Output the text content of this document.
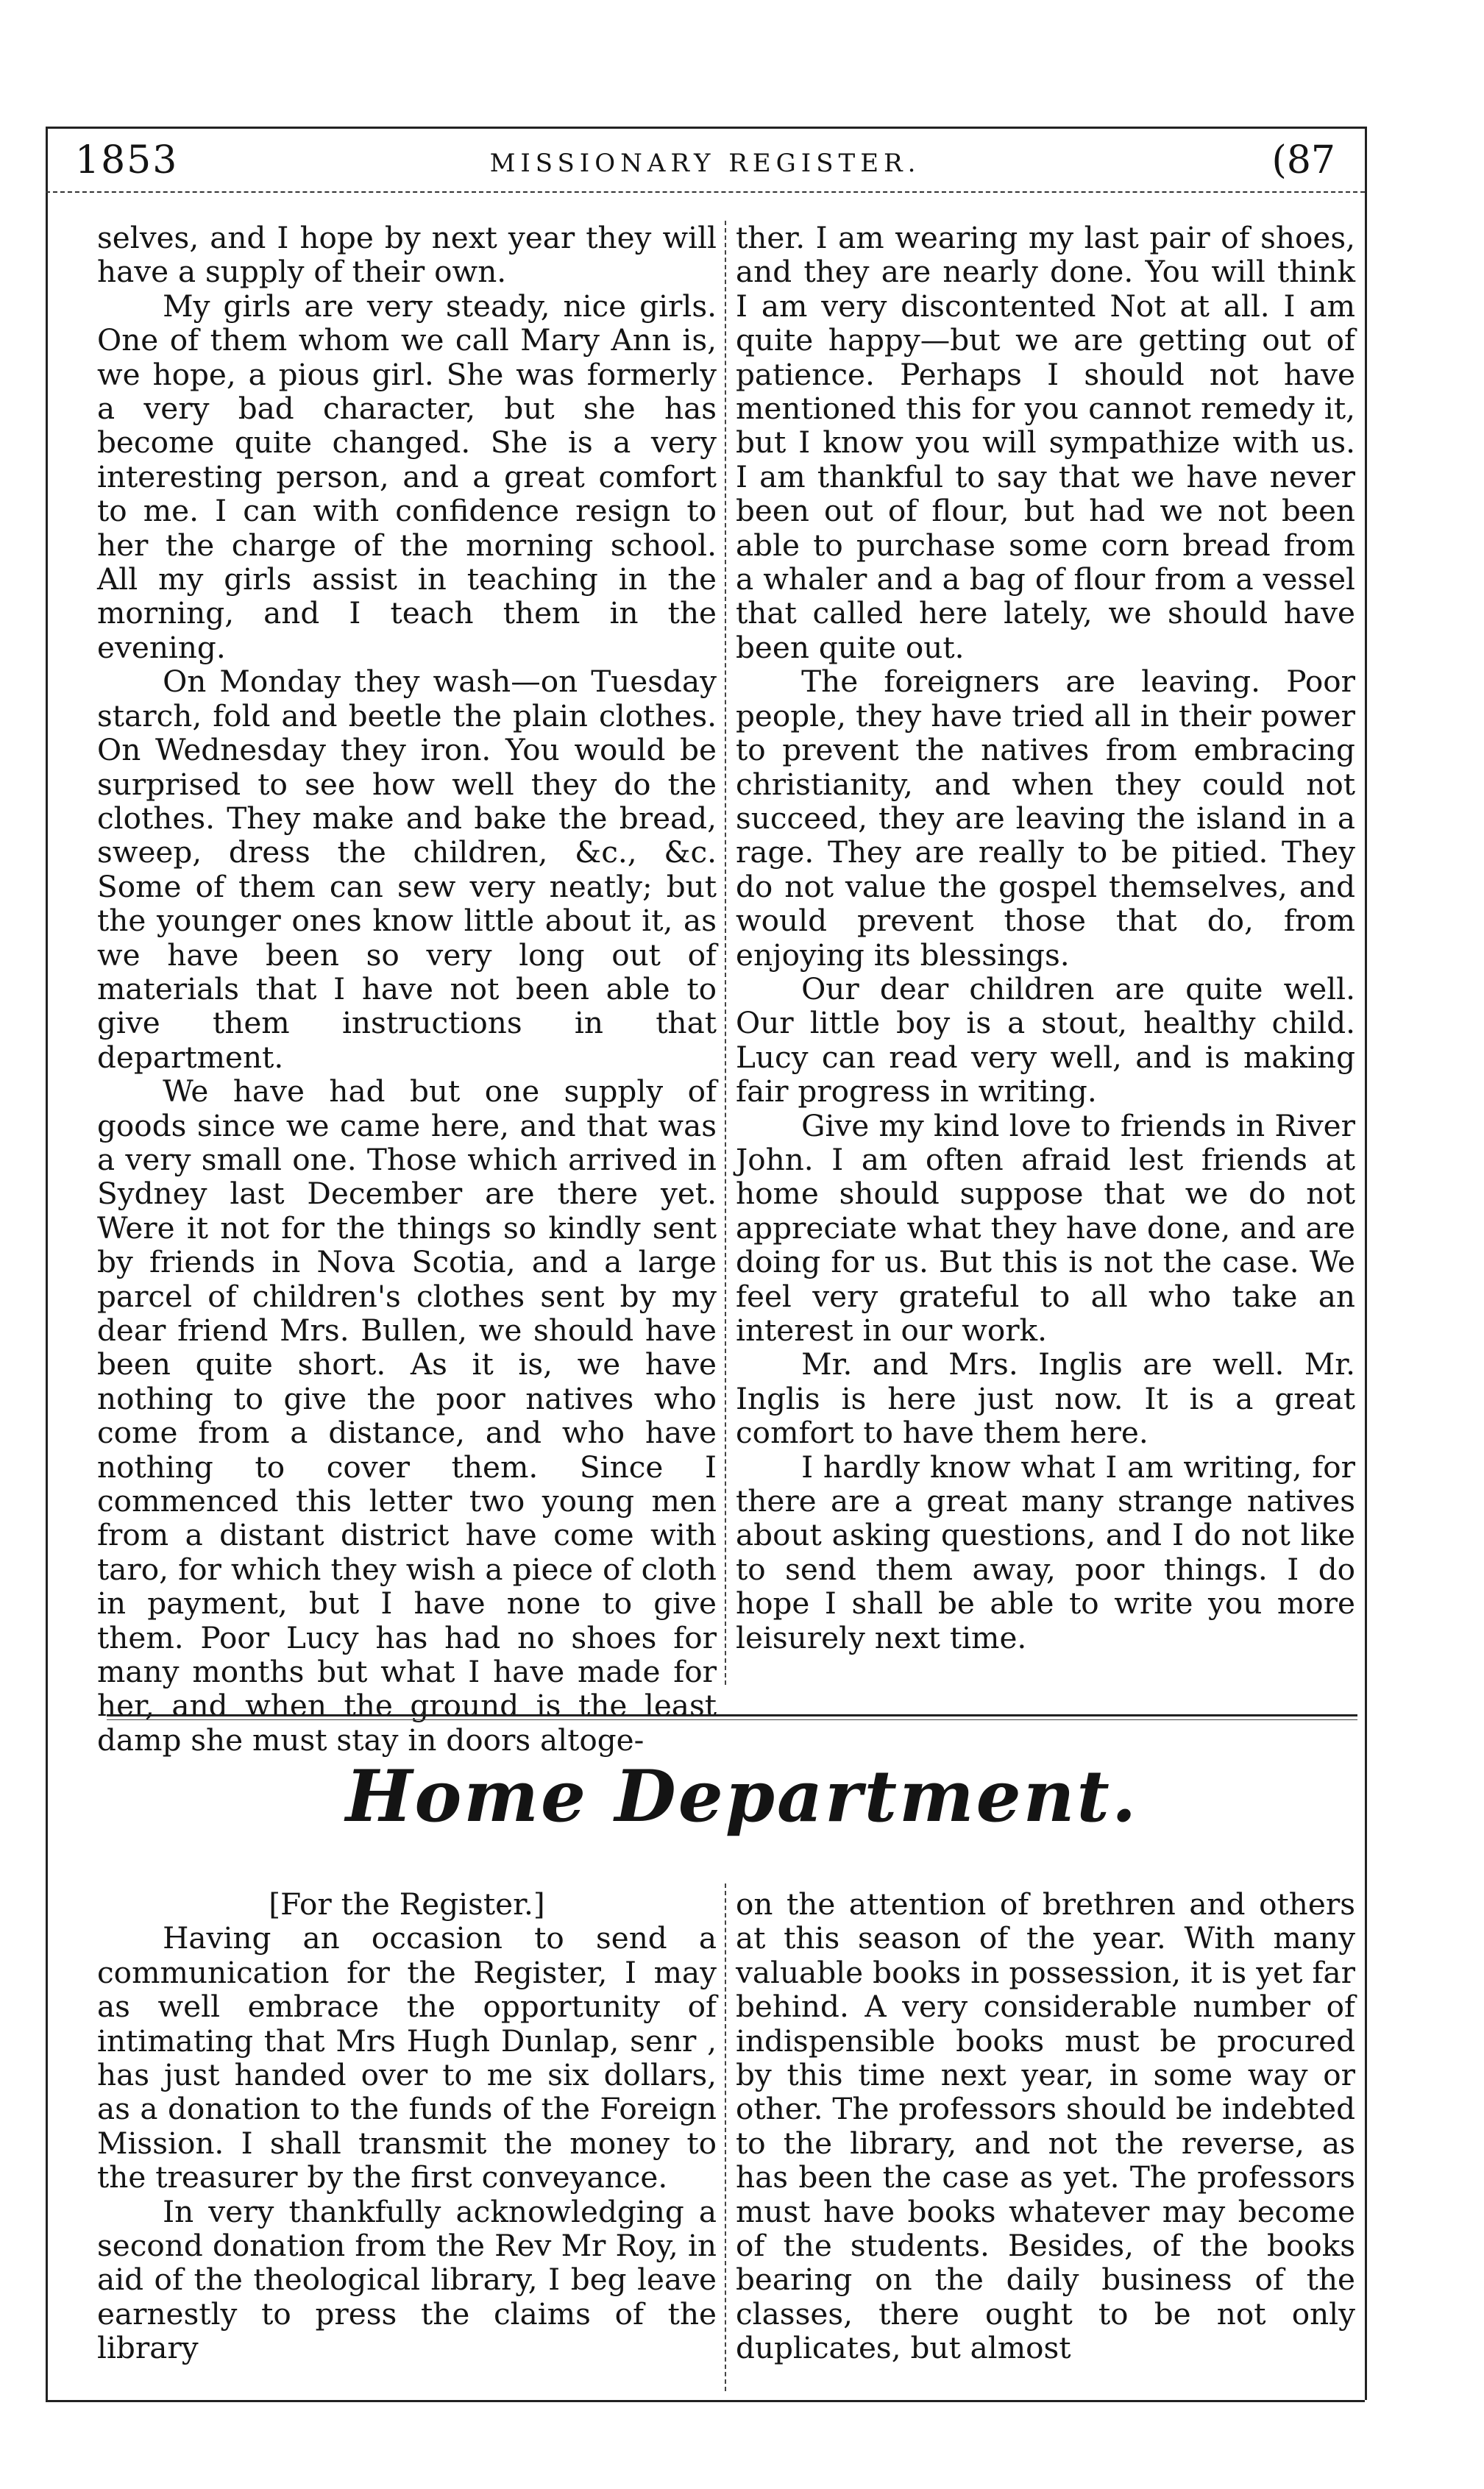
1853	MISSIONARY REGISTER.	(87

selves, and I hope by next year they will have a supply of their own.

My girls are very steady, nice girls. One of them whom we call Mary Ann is, we hope, a pious girl. She was formerly a very bad character, but she has become quite changed. She is a very interesting person, and a great comfort to me. I can with confidence resign to her the charge of the morning school. All my girls assist in teaching in the morning, and I teach them in the evening.

On Monday they wash—on Tuesday starch, fold and beetle the plain clothes. On Wednesday they iron. You would be surprised to see how well they do the clothes. They make and bake the bread, sweep, dress the children, &c., &c. Some of them can sew very neatly; but the younger ones know little about it, as we have been so very long out of materials that I have not been able to give them instructions in that department.

We have had but one supply of goods since we came here, and that was a very small one. Those which arrived in Sydney last December are there yet. Were it not for the things so kindly sent by friends in Nova Scotia, and a large parcel of children's clothes sent by my dear friend Mrs. Bullen, we should have been quite short. As it is, we have nothing to give the poor natives who come from a distance, and who have nothing to cover them. Since I commenced this letter two young men from a distant district have come with taro, for which they wish a piece of cloth in payment, but I have none to give them. Poor Lucy has had no shoes for many months but what I have made for her, and when the ground is the least damp she must stay in doors altoge-

ther. I am wearing my last pair of shoes, and they are nearly done. You will think I am very discontented Not at all. I am quite happy—but we are getting out of patience. Perhaps I should not have mentioned this for you cannot remedy it, but I know you will sympathize with us. I am thankful to say that we have never been out of flour, but had we not been able to purchase some corn bread from a whaler and a bag of flour from a vessel that called here lately, we should have been quite out.

The foreigners are leaving. Poor people, they have tried all in their power to prevent the natives from embracing christianity, and when they could not succeed, they are leaving the island in a rage. They are really to be pitied. They do not value the gospel themselves, and would prevent those that do, from enjoying its blessings.

Our dear children are quite well. Our little boy is a stout, healthy child. Lucy can read very well, and is making fair progress in writing.

Give my kind love to friends in River John. I am often afraid lest friends at home should suppose that we do not appreciate what they have done, and are doing for us. But this is not the case. We feel very grateful to all who take an interest in our work.

Mr. and Mrs. Inglis are well. Mr. Inglis is here just now. It is a great comfort to have them here.

I hardly know what I am writing, for there are a great many strange natives about asking questions, and I do not like to send them away, poor things. I do hope I shall be able to write you more leisurely next time.

Home Department.

[For the Register.]

Having an occasion to send a communication for the Register, I may as well embrace the opportunity of intimating that Mrs Hugh Dunlap, senr , has just handed over to me six dollars, as a donation to the funds of the Foreign Mission. I shall transmit the money to the treasurer by the first conveyance.

In very thankfully acknowledging a second donation from the Rev Mr Roy, in aid of the theological library, I beg leave earnestly to press the claims of the library

on the attention of brethren and others at this season of the year. With many valuable books in possession, it is yet far behind. A very considerable number of indispensible books must be procured by this time next year, in some way or other. The professors should be indebted to the library, and not the reverse, as has been the case as yet. The professors must have books whatever may become of the students. Besides, of the books bearing on the daily business of the classes, there ought to be not only duplicates, but almost
